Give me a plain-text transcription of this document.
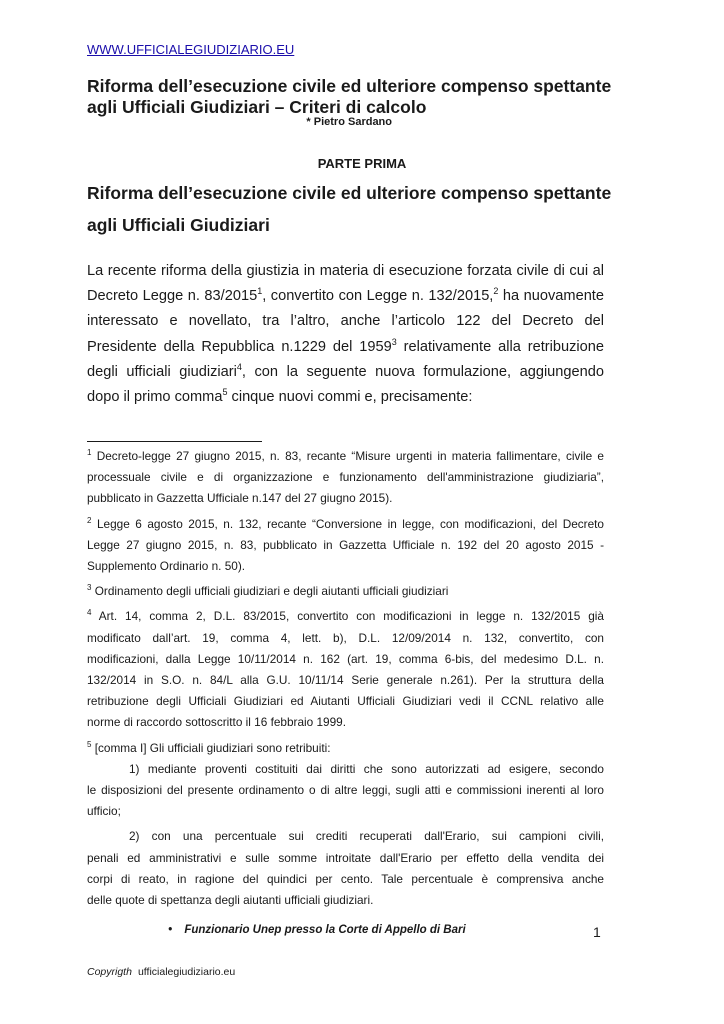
WWW.UFFICIALEGIUDIZIARIO.EU
Riforma dell’esecuzione civile ed ulteriore compenso spettante
agli Ufficiali Giudiziari – Criteri di calcolo
* Pietro Sardano
PARTE PRIMA
Riforma dell’esecuzione civile ed ulteriore compenso spettante
agli Ufficiali Giudiziari

La recente riforma della giustizia in materia di esecuzione forzata civile di cui al
Decreto Legge n. 83/2015$^1$, convertito con Legge n. 132/2015,$^2$ ha nuovamente
interessato e novellato, tra l’altro, anche l’articolo 122 del Decreto del
Presidente della Repubblica n.1229 del 1959$^3$ relativamente alla retribuzione
degli ufficiali giudiziari$^4$, con la seguente nuova formulazione, aggiungendo
dopo il primo comma$^5$ cinque nuovi commi e, precisamente:

$^1$ Decreto-legge 27 giugno 2015, n. 83, recante “Misure urgenti in materia fallimentare, civile e
processuale civile e di organizzazione e funzionamento dell'amministrazione giudiziaria”,
pubblicato in Gazzetta Ufficiale n.147 del 27 giugno 2015).

$^2$ Legge 6 agosto 2015, n. 132, recante “Conversione in legge, con modificazioni, del Decreto
Legge 27 giugno 2015, n. 83, pubblicato in Gazzetta Ufficiale n. 192 del 20 agosto 2015 -
Supplemento Ordinario n. 50).

$^3$ Ordinamento degli ufficiali giudiziari e degli aiutanti ufficiali giudiziari

$^4$ Art. 14, comma 2, D.L. 83/2015, convertito con modificazioni in legge n. 132/2015 già
modificato dall’art. 19, comma 4, lett. b), D.L. 12/09/2014 n. 132, convertito, con
modificazioni, dalla Legge 10/11/2014 n. 162 (art. 19, comma 6-bis, del medesimo D.L. n.
132/2014 in S.O. n. 84/L alla G.U. 10/11/14 Serie generale n.261). Per la struttura della
retribuzione degli Ufficiali Giudiziari ed Aiutanti Ufficiali Giudiziari vedi il CCNL relativo alle
norme di raccordo sottoscritto il 16 febbraio 1999.

$^5$ [comma I] Gli ufficiali giudiziari sono retribuiti:
1) mediante proventi costituiti dai diritti che sono autorizzati ad esigere, secondo
le disposizioni del presente ordinamento o di altre leggi, sugli atti e commissioni inerenti al loro
ufficio;
2) con una percentuale sui crediti recuperati dall'Erario, sui campioni civili,
penali ed amministrativi e sulle somme introitate dall'Erario per effetto della vendita dei
corpi di reato, in ragione del quindici per cento. Tale percentuale è comprensiva anche
delle quote di spettanza degli aiutanti ufficiali giudiziari.

• Funzionario Unep presso la Corte di Appello di Bari	1
Copyrigth ufficialegiudiziario.eu
